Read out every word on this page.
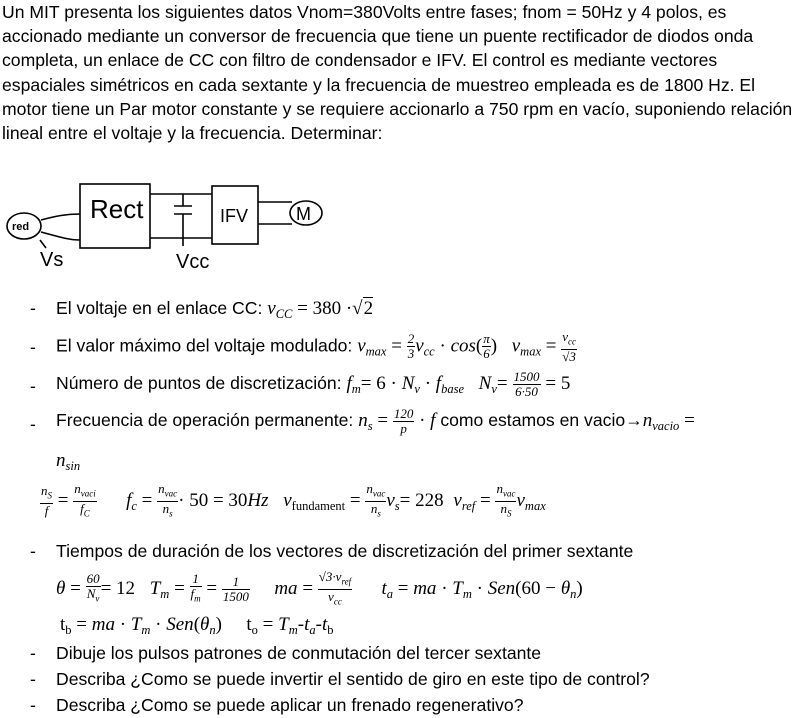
Un MIT presenta los siguientes datos Vnom=380Volts entre fases; fnom = 50Hz y 4 polos, es accionado mediante un conversor de frecuencia que tiene un puente rectificador de diodos onda completa, un enlace de CC con filtro de condensador e IFV. El control es mediante vectores espaciales simétricos en cada sextante y la frecuencia de muestreo empleada es de 1800 Hz. El motor tiene un Par motor constante y se requiere accionarlo a 750 rpm en vacío, suponiendo relación lineal entre el voltaje y la frecuencia. Determinar:

red
Rect	IFV	M
Vs	Vcc
- El voltaje en el enlace CC: $v_{CC} = 380 \cdot√2$
- El valor máximo del voltaje modulado: $v_{max} = \frac{2}{3} v_{cc} \cdot \cos( \frac{\pi}{6}$ ) $v_{max} = \frac{v_{cc}}{√3}$
- Número de puntos de discretización: $f_m= 6 \cdot N_v \cdot f_{base}$ $N_v= \frac{1500}{6\cdot 50} = 5$
- Frecuencia de operación permanente: $n_s = \frac{120}{p} \cdot f$ como estamos en $vacio\to n_{vacio}$ =
$n_{sin}$
$\frac{n_S}{f} = \frac{n_{vaci}}{f_C} f_c = \frac{n_{vac}}{n_s} \cdot 50 = 30Hz$ $v_{fundament} = \frac{n_{vac}}{n_s} v_s= 228$ $v_{ref} = \frac{n_{vac}}{n_S} v_{max}$
- Tiempos de duración de los vectores de discretización del primer sextante
$\theta = \frac{60}{N_v} = 12$ $T_m = \frac{1}{f_m} = \frac{1}{1500}$ ma = $\frac{√3\cdot v_{ref}}{v_{cc}} t_a$ = ma · $T_m \cdot Sen(60 - \theta_n)$
$t_b$ = ma · $T_m \cdot Sen(\theta_n) t_o = T_m-t_a-t_b$
- Dibuje los pulsos patrones de conmutación del tercer sextante
- Describa ¿Como se puede invertir el sentido de giro en este tipo de control?
- Describa ¿Como se puede aplicar un frenado regenerativo?
